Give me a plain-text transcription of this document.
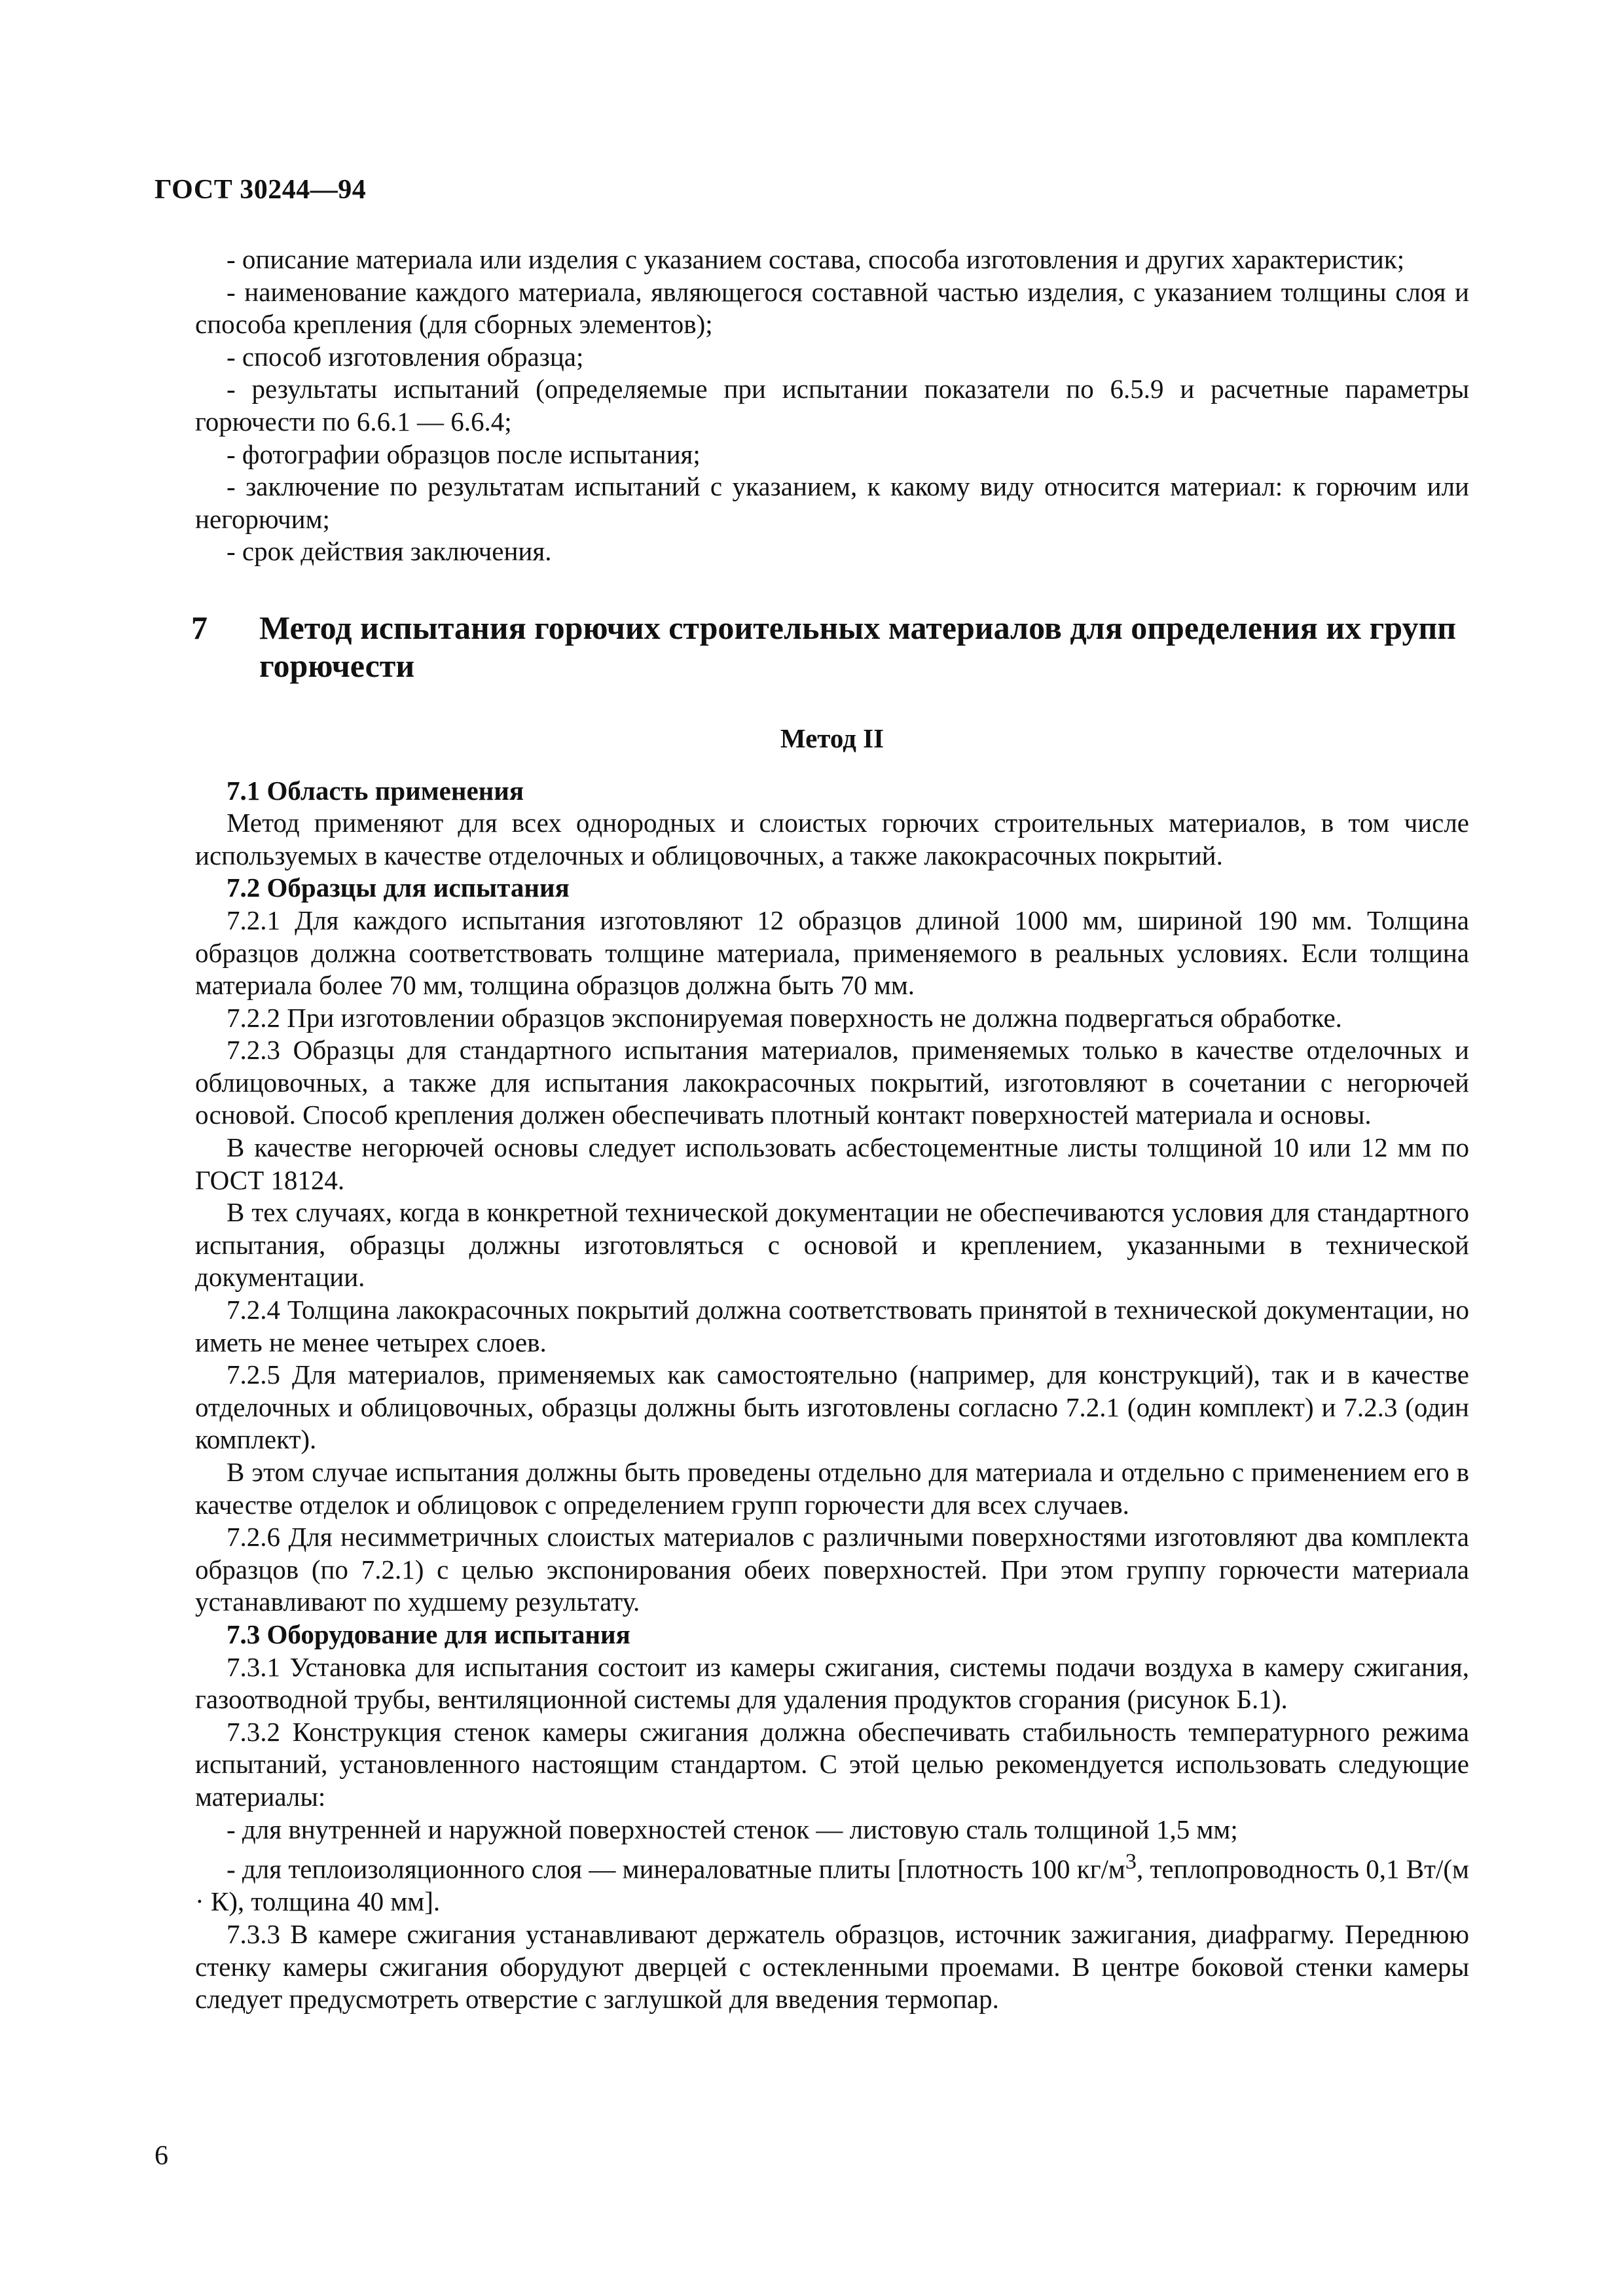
ГОСТ 30244—94

- описание материала или изделия с указанием состава, способа изготовления и других характеристик;

- наименование каждого материала, являющегося составной частью изделия, с указанием толщины слоя и способа крепления (для сборных элементов);

- способ изготовления образца;

- результаты испытаний (определяемые при испытании показатели по 6.5.9 и расчетные параметры горючести по 6.6.1 — 6.6.4;

- фотографии образцов после испытания;

- заключение по результатам испытаний с указанием, к какому виду относится материал: к горючим или негорючим;

- срок действия заключения.

7 Метод испытания горючих строительных материалов для определения их групп горючести
Метод II

7.1 Область применения

Метод применяют для всех однородных и слоистых горючих строительных материалов, в том числе используемых в качестве отделочных и облицовочных, а также лакокрасочных покрытий.

7.2 Образцы для испытания

7.2.1 Для каждого испытания изготовляют 12 образцов длиной 1000 мм, шириной 190 мм. Толщина образцов должна соответствовать толщине материала, применяемого в реальных условиях. Если толщина материала более 70 мм, толщина образцов должна быть 70 мм.

7.2.2 При изготовлении образцов экспонируемая поверхность не должна подвергаться обработке.

7.2.3 Образцы для стандартного испытания материалов, применяемых только в качестве отделочных и облицовочных, а также для испытания лакокрасочных покрытий, изготовляют в сочетании с негорючей основой. Способ крепления должен обеспечивать плотный контакт поверхностей материала и основы.

В качестве негорючей основы следует использовать асбестоцементные листы толщиной 10 или 12 мм по ГОСТ 18124.

В тех случаях, когда в конкретной технической документации не обеспечиваются условия для стандартного испытания, образцы должны изготовляться с основой и креплением, указанными в технической документации.

7.2.4 Толщина лакокрасочных покрытий должна соответствовать принятой в технической документации, но иметь не менее четырех слоев.

7.2.5 Для материалов, применяемых как самостоятельно (например, для конструкций), так и в качестве отделочных и облицовочных, образцы должны быть изготовлены согласно 7.2.1 (один комплект) и 7.2.3 (один комплект).

В этом случае испытания должны быть проведены отдельно для материала и отдельно с применением его в качестве отделок и облицовок с определением групп горючести для всех случаев.

7.2.6 Для несимметричных слоистых материалов с различными поверхностями изготовляют два комплекта образцов (по 7.2.1) с целью экспонирования обеих поверхностей. При этом группу горючести материала устанавливают по худшему результату.

7.3 Оборудование для испытания

7.3.1 Установка для испытания состоит из камеры сжигания, системы подачи воздуха в камеру сжигания, газоотводной трубы, вентиляционной системы для удаления продуктов сгорания (рисунок Б.1).

7.3.2 Конструкция стенок камеры сжигания должна обеспечивать стабильность температурного режима испытаний, установленного настоящим стандартом. С этой целью рекомендуется использовать следующие материалы:

- для внутренней и наружной поверхностей стенок — листовую сталь толщиной 1,5 мм;

- для теплоизоляционного слоя — минераловатные плиты [плотность 100 $кг/м^3$, теплопроводность 0,1 Вт/(м · К), толщина 40 мм].

7.3.3 В камере сжигания устанавливают держатель образцов, источник зажигания, диафрагму. Переднюю стенку камеры сжигания оборудуют дверцей с остекленными проемами. В центре боковой стенки камеры следует предусмотреть отверстие с заглушкой для введения термопар.

6
